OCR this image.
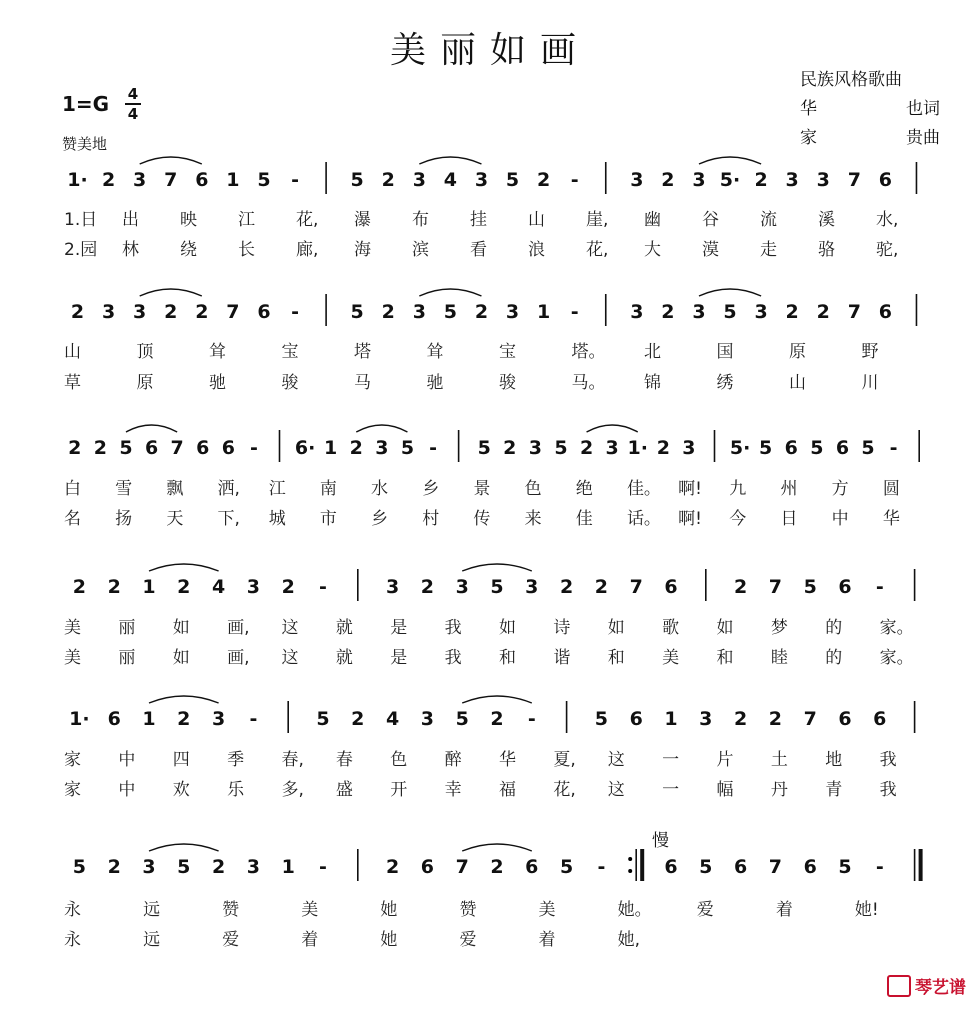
美丽如画
民族风格歌曲
华	也词
家	贵曲
1=G 4
4
赞美地
慢
1· 2 3 7 6 1 5 -	5 2 3 4 3 5 2 -	3 2 3 5· 2 3 3 7 6
1.日 出 映 江 花, 瀑 布 挂 山 崖, 幽 谷 流 溪 水,
2.园 林 绕 长 廊, 海 滨 看 浪 花, 大 漠 走 骆 驼,
2 3 3 2 2 7 6 -	5 2 3 5 2 3 1 -	3 2 3 5 3 2 2 7 6
山	顶	耸	宝	塔	耸	宝	塔。 北	国	原	野
草	原	驰	骏	马	驰	骏	马。 锦	绣	山	川
2 2 5 6 7 6 6 - 6· 1 2 3 5 - 5 2 3 5 2 3 1· 2 3 5· 5 6 5 6 5 -
白 雪 飘 洒, 江 南 水 乡 景 色 绝 佳。 啊! 九 州 方 圆
名 扬 天 下, 城 市 乡 村 传 来 佳 话。 啊! 今 日 中 华
2 2 1 2 4 3 2 -	3 2 3 5 3 2 2 7 6	2 7 5 6 -
美 丽 如 画, 这 就 是 我 如 诗 如 歌 如 梦 的 家。
美 丽 如 画, 这 就 是 我 和 谐 和 美 和 睦 的 家。
1· 6 1 2 3 -	5 2 4 3 5 2 -	5 6 1 3 2 2 7 6 6
家 中 四 季 春, 春 色 醉 华 夏, 这 一 片 土 地 我
家 中 欢 乐 多, 盛 开 幸 福 花, 这 一 幅 丹 青 我
5 2 3 5 2 3 1 -	2 6 7 2 6 5 -	6 5 6 7 6 5 -
永	远	赞	美	她	赞	美	她。	爱	着	她!
永	远	爱	着	她	爱	着	她,
琴艺谱
